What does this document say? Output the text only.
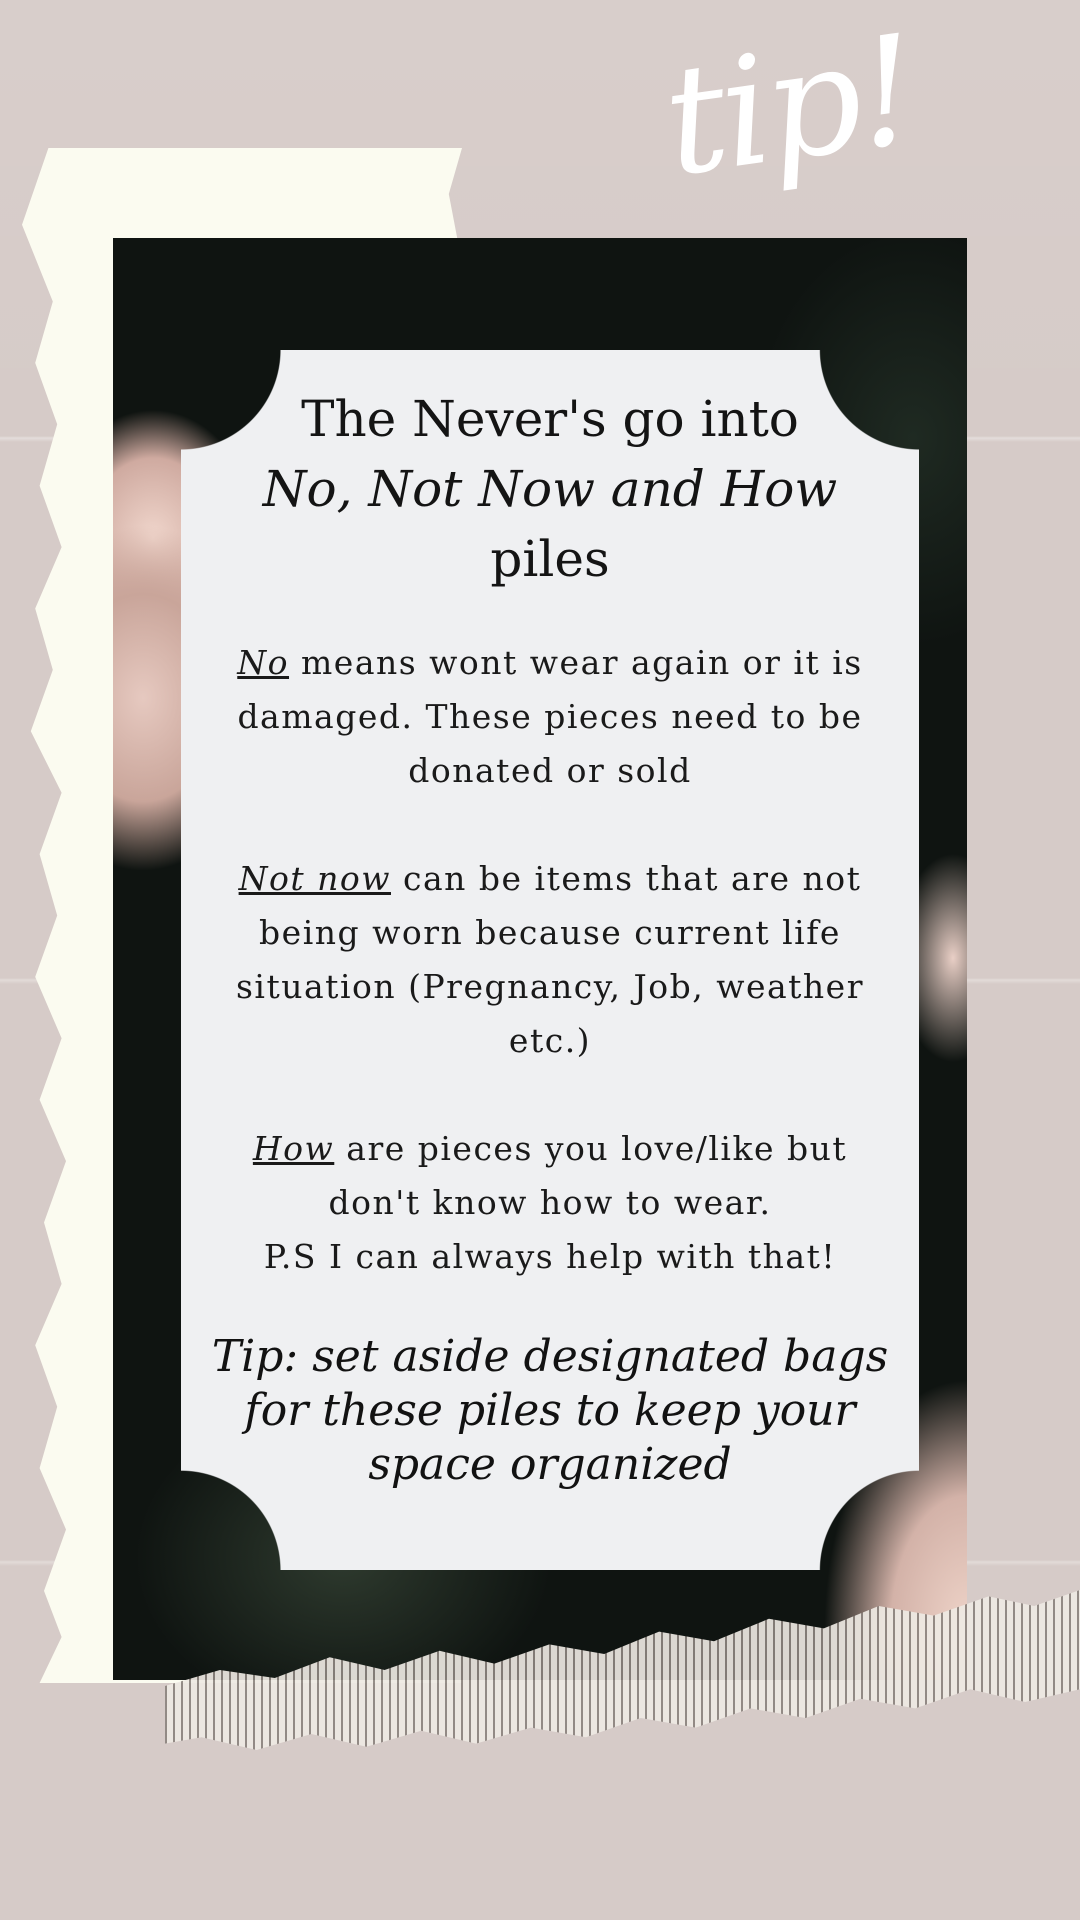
tip!
The Never's go into
No, Not Now and How
piles

No means wont wear again or it is damaged. These pieces need to be donated or sold

Not now can be items that are not being worn because current life situation (Pregnancy, Job, weather etc.)

How are pieces you love/like but don't know how to wear.
P.S I can always help with that!

Tip: set aside designated bags for these piles to keep your space organized
